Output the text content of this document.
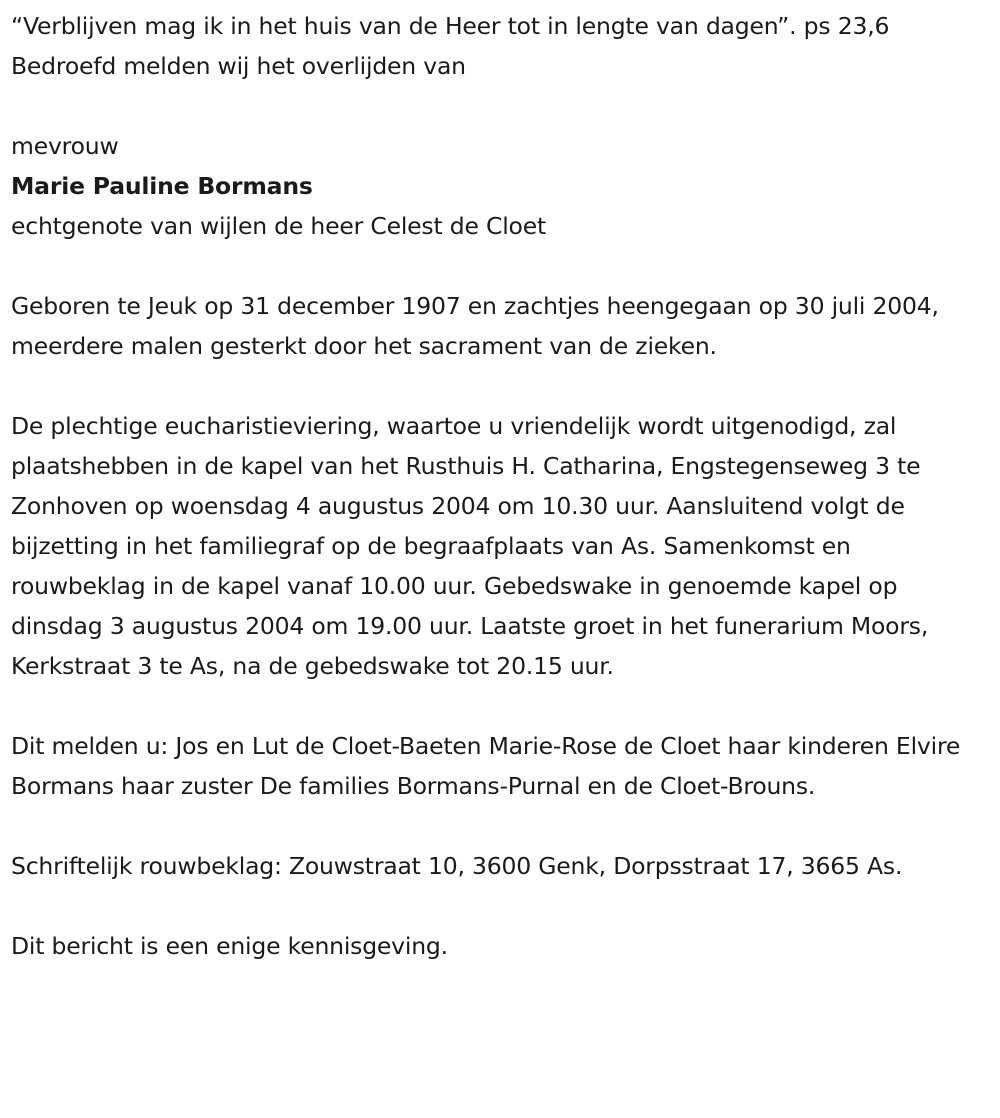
“Verblijven mag ik in het huis van de Heer tot in lengte van dagen”. ps 23,6 Bedroefd melden wij het overlijden van

mevrouw

Marie Pauline Bormans

echtgenote van wijlen de heer Celest de Cloet

Geboren te Jeuk op 31 december 1907 en zachtjes heengegaan op 30 juli 2004, meerdere malen gesterkt door het sacrament van de zieken.

De plechtige eucharistieviering, waartoe u vriendelijk wordt uitgenodigd, zal plaatshebben in de kapel van het Rusthuis H. Catharina, Engstegenseweg 3 te Zonhoven op woensdag 4 augustus 2004 om 10.30 uur. Aansluitend volgt de bijzetting in het familiegraf op de begraafplaats van As. Samenkomst en rouwbeklag in de kapel vanaf 10.00 uur. Gebedswake in genoemde kapel op dinsdag 3 augustus 2004 om 19.00 uur. Laatste groet in het funerarium Moors, Kerkstraat 3 te As, na de gebedswake tot 20.15 uur.

Dit melden u: Jos en Lut de Cloet-Baeten Marie-Rose de Cloet haar kinderen Elvire Bormans haar zuster De families Bormans-Purnal en de Cloet-Brouns.

Schriftelijk rouwbeklag: Zouwstraat 10, 3600 Genk, Dorpsstraat 17, 3665 As.

Dit bericht is een enige kennisgeving.
